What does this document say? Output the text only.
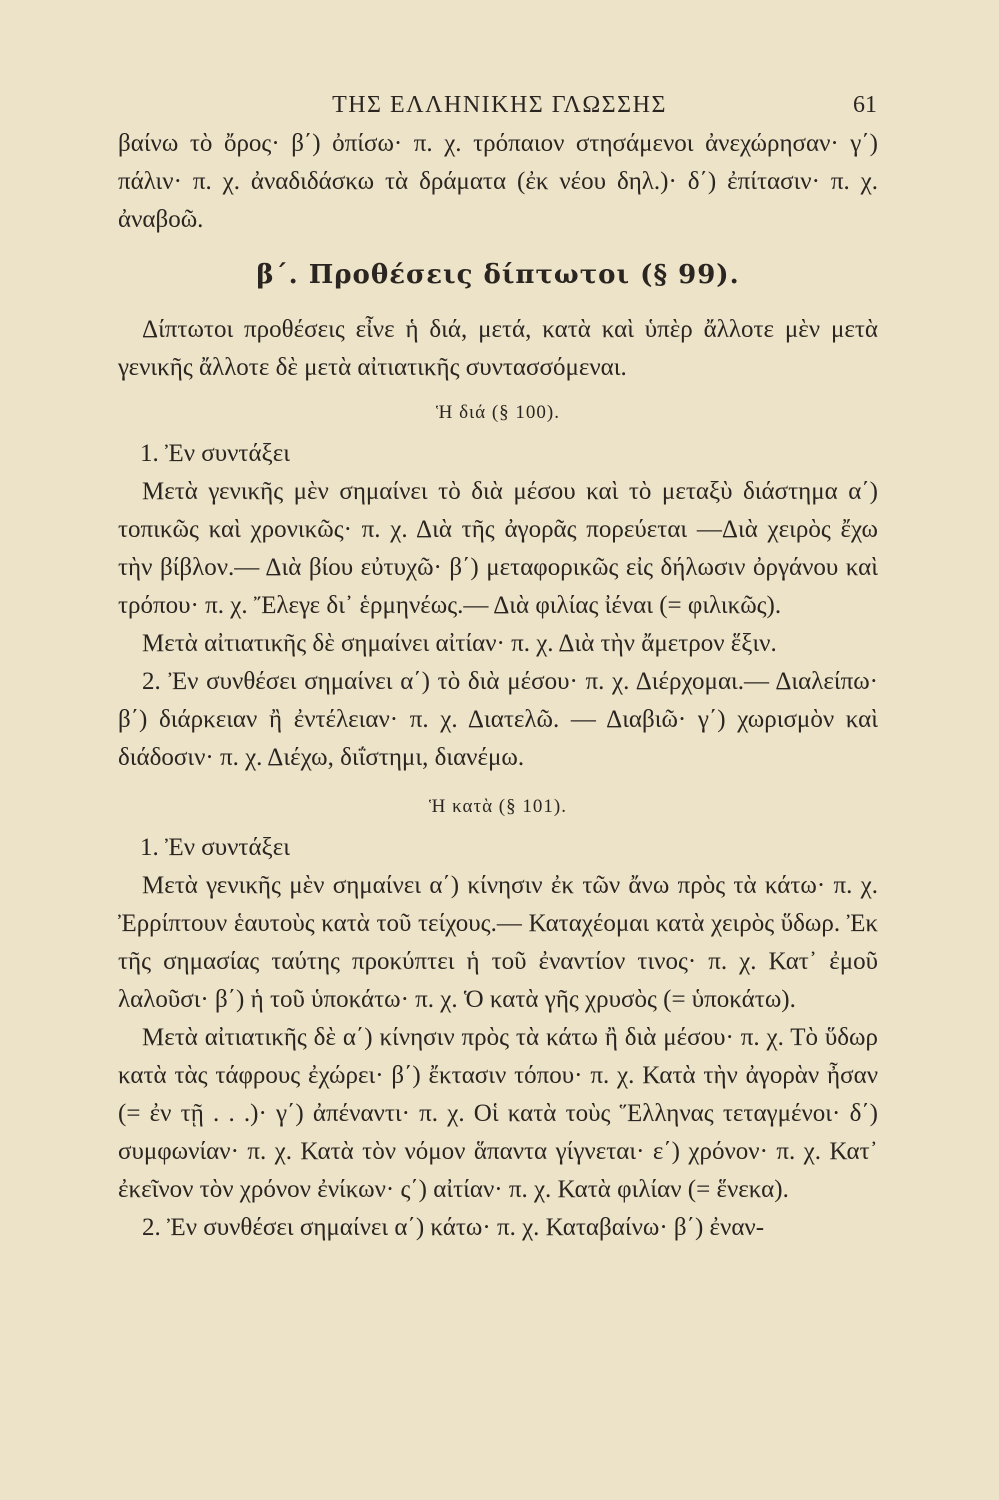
ΤΗΣ ΕΛΛΗΝΙΚΗΣ ΓΛΩΣΣΗΣ	61

βαίνω τὸ ὄρος· β΄) ὀπίσω· π. χ. τρόπαιον στησάμενοι ἀνεχώρησαν· γ΄) πάλιν· π. χ. ἀναδιδάσκω τὰ δράματα (ἐκ νέου δηλ.)· δ΄) ἐπίτασιν· π. χ. ἀναβοῶ.

β΄. Προθέσεις δίπτωτοι (§ 99).

Δίπτωτοι προθέσεις εἶνε ἡ διά, μετά, κατὰ καὶ ὑπὲρ ἄλλοτε μὲν μετὰ γενικῆς ἄλλοτε δὲ μετὰ αἰτιατικῆς συντασσόμεναι.

Ἡ διά (§ 100).

1. Ἐν συντάξει

Μετὰ γενικῆς μὲν σημαίνει τὸ διὰ μέσου καὶ τὸ μεταξὺ διάστημα α΄) τοπικῶς καὶ χρονικῶς· π. χ. Διὰ τῆς ἀγορᾶς πορεύεται —Διὰ χειρὸς ἔχω τὴν βίβλον.— Διὰ βίου εὐτυχῶ· β΄) μεταφορικῶς εἰς δήλωσιν ὀργάνου καὶ τρόπου· π. χ. Ἔλεγε δι᾽ ἑρμηνέως.— Διὰ φιλίας ἰέναι (= φιλικῶς).

Μετὰ αἰτιατικῆς δὲ σημαίνει αἰτίαν· π. χ. Διὰ τὴν ἄμετρον ἕξιν.

2. Ἐν συνθέσει σημαίνει α΄) τὸ διὰ μέσου· π. χ. Διέρχομαι.— Διαλείπω· β΄) διάρκειαν ἢ ἐντέλειαν· π. χ. Διατελῶ. — Διαβιῶ· γ΄) χωρισμὸν καὶ διάδοσιν· π. χ. Διέχω, διΐστημι, διανέμω.

Ἡ κατὰ (§ 101).

1. Ἐν συντάξει

Μετὰ γενικῆς μὲν σημαίνει α΄) κίνησιν ἐκ τῶν ἄνω πρὸς τὰ κάτω· π. χ. Ἐρρίπτουν ἑαυτοὺς κατὰ τοῦ τείχους.— Καταχέομαι κατὰ χειρὸς ὕδωρ. Ἐκ τῆς σημασίας ταύτης προκύπτει ἡ τοῦ ἐναντίον τινος· π. χ. Κατ᾽ ἐμοῦ λαλοῦσι· β΄) ἡ τοῦ ὑποκάτω· π. χ. Ὁ κατὰ γῆς χρυσὸς (= ὑποκάτω).

Μετὰ αἰτιατικῆς δὲ α΄) κίνησιν πρὸς τὰ κάτω ἢ διὰ μέσου· π. χ. Τὸ ὕδωρ κατὰ τὰς τάφρους ἐχώρει· β΄) ἔκτασιν τόπου· π. χ. Κατὰ τὴν ἀγορὰν ἦσαν (= ἐν τῇ . . .)· γ΄) ἀπέναντι· π. χ. Οἱ κατὰ τοὺς Ἕλληνας τεταγμένοι· δ΄) συμφωνίαν· π. χ. Κατὰ τὸν νόμον ἅπαντα γίγνεται· ε΄) χρόνον· π. χ. Κατ᾽ ἐκεῖνον τὸν χρόνον ἐνίκων· ς΄) αἰτίαν· π. χ. Κατὰ φιλίαν (= ἕνεκα).

2. Ἐν συνθέσει σημαίνει α΄) κάτω· π. χ. Καταβαίνω· β΄) ἐναν-
